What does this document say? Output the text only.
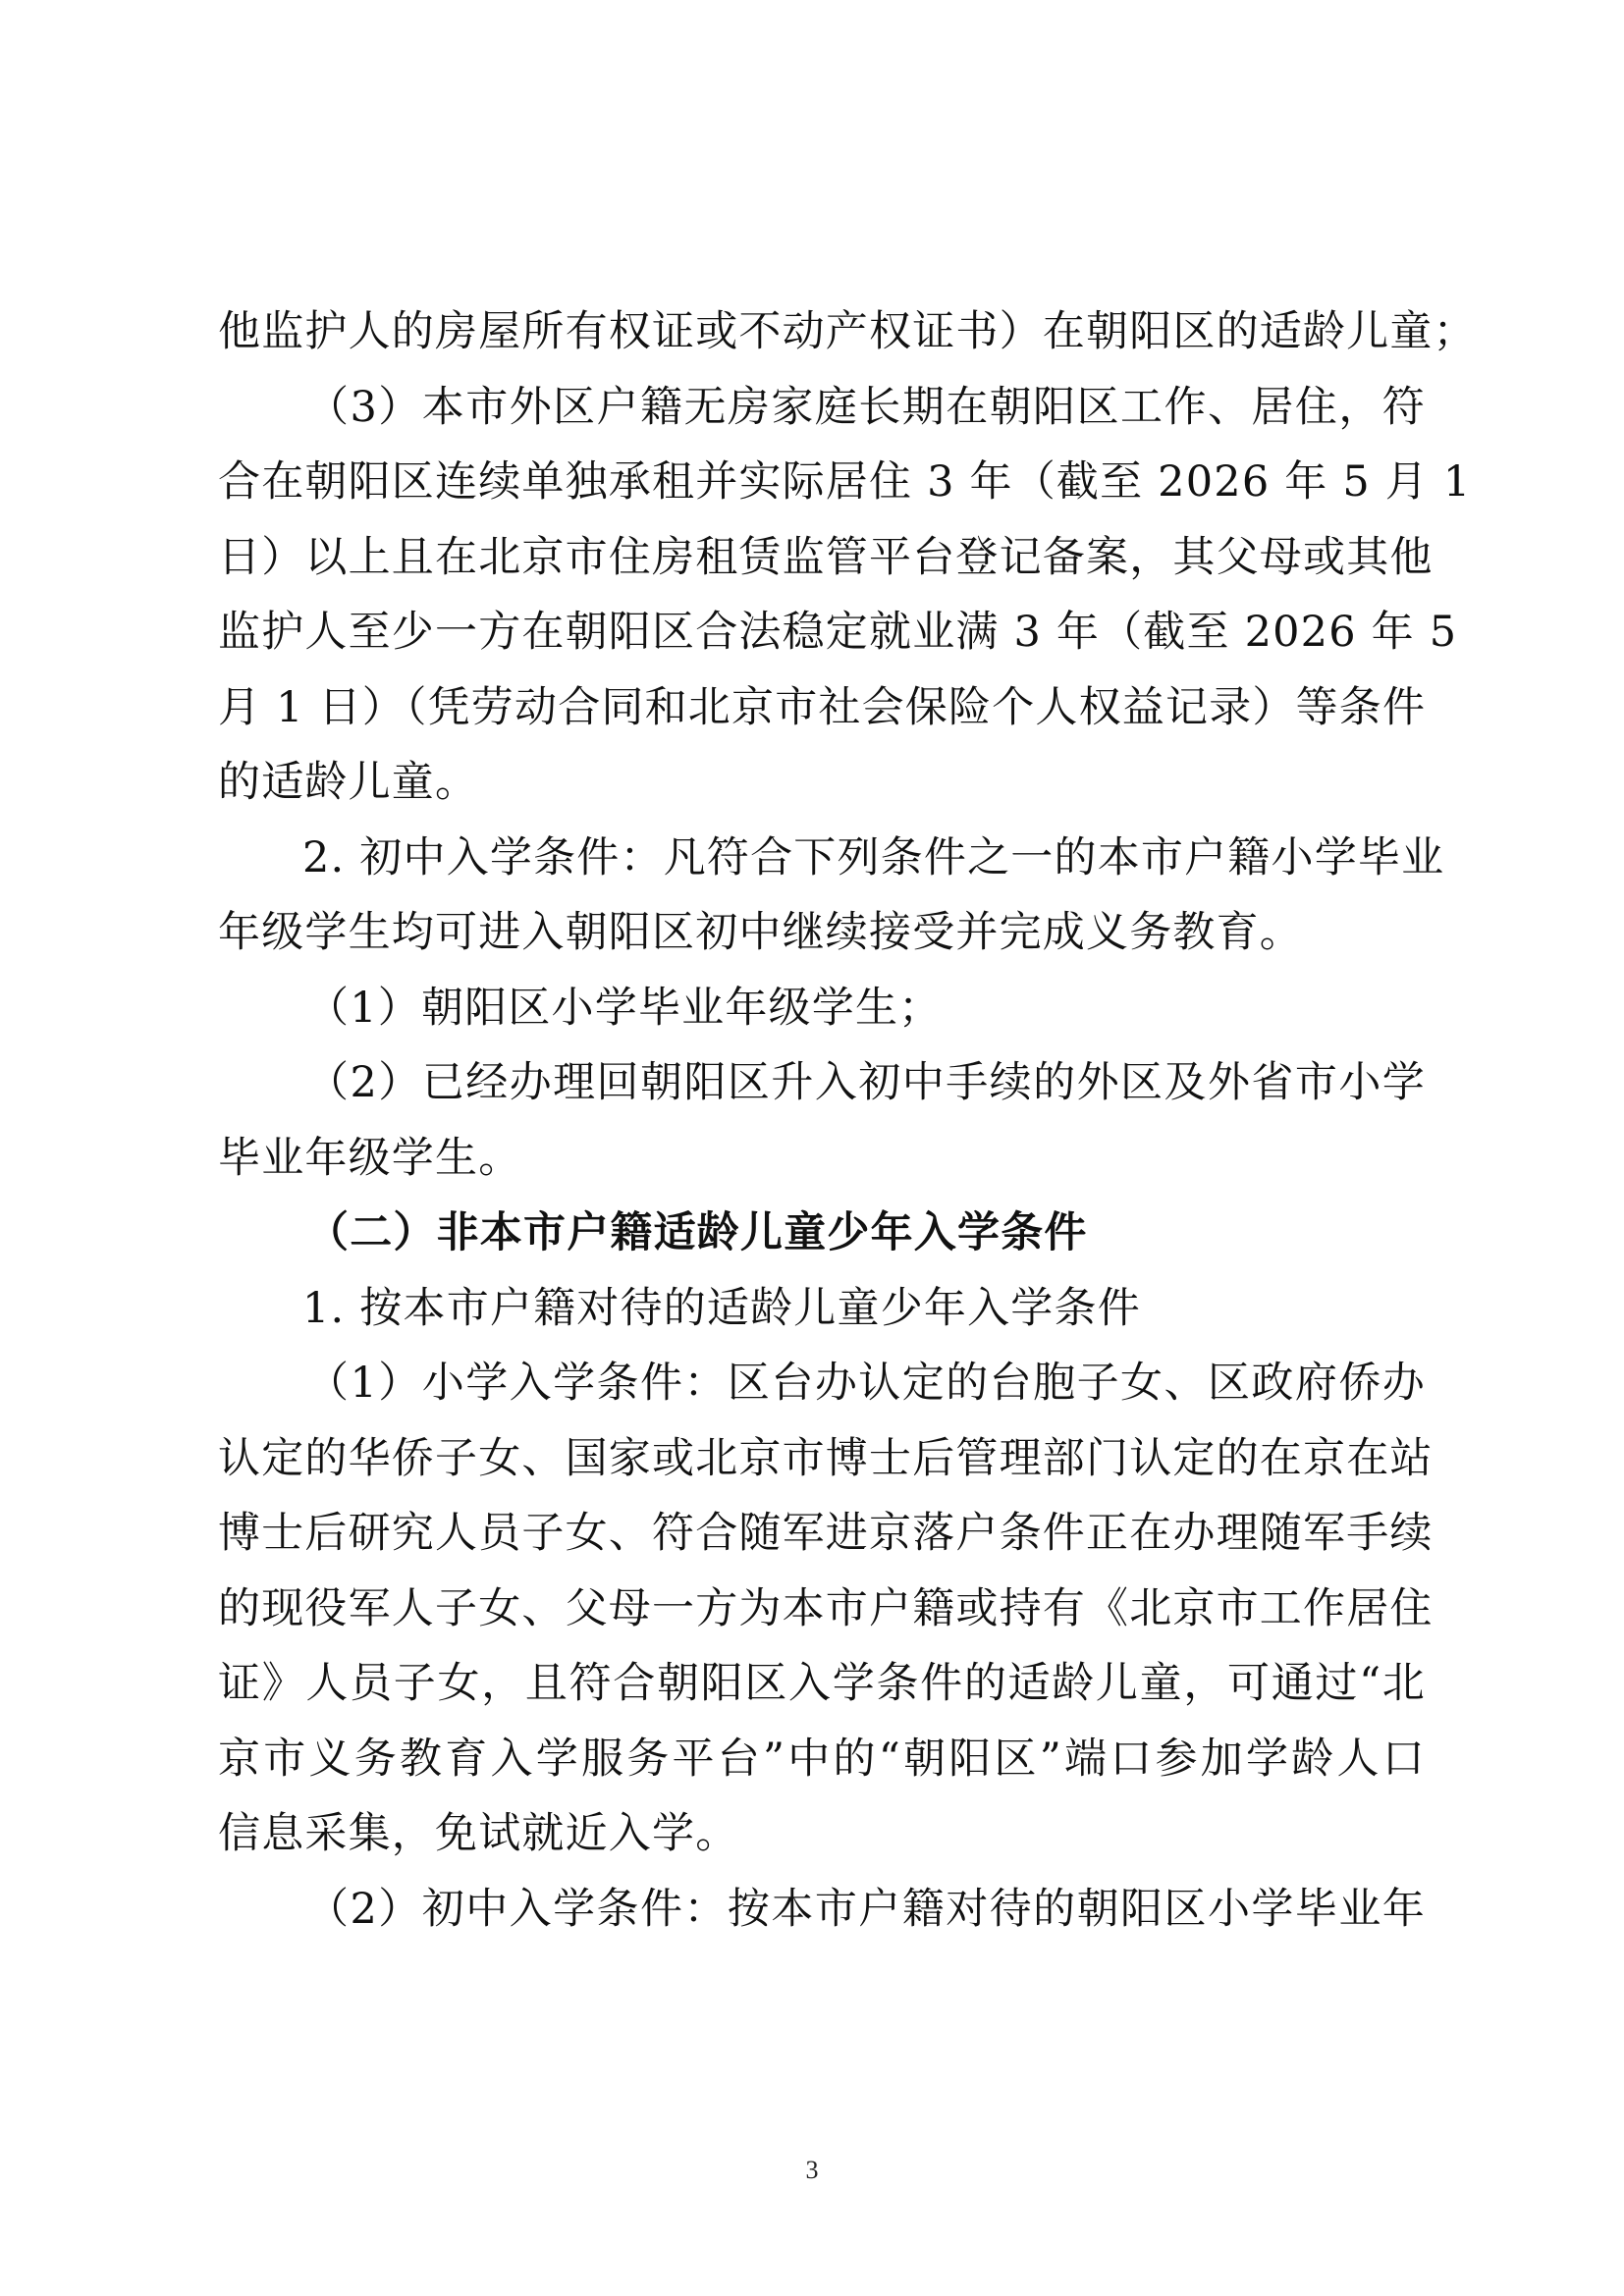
他监护人的房屋所有权证或不动产权证书）在朝阳区的适龄儿童；
（3）本市外区户籍无房家庭长期在朝阳区工作、居住，符
合在朝阳区连续单独承租并实际居住 3 年（截至 2026 年 5 月 1
日）以上且在北京市住房租赁监管平台登记备案，其父母或其他
监护人至少一方在朝阳区合法稳定就业满 3 年（截至 2026 年 5
月 1 日）（凭劳动合同和北京市社会保险个人权益记录）等条件
的适龄儿童。
2. 初中入学条件：凡符合下列条件之一的本市户籍小学毕业
年级学生均可进入朝阳区初中继续接受并完成义务教育。
（1）朝阳区小学毕业年级学生；
（2）已经办理回朝阳区升入初中手续的外区及外省市小学
毕业年级学生。
（二）非本市户籍适龄儿童少年入学条件
1. 按本市户籍对待的适龄儿童少年入学条件
（1）小学入学条件：区台办认定的台胞子女、区政府侨办
认定的华侨子女、国家或北京市博士后管理部门认定的在京在站
博士后研究人员子女、符合随军进京落户条件正在办理随军手续
的现役军人子女、父母一方为本市户籍或持有《北京市工作居住
证》人员子女，且符合朝阳区入学条件的适龄儿童，可通过“北
京市义务教育入学服务平台”中的“朝阳区”端口参加学龄人口
信息采集，免试就近入学。
（2）初中入学条件：按本市户籍对待的朝阳区小学毕业年
3
